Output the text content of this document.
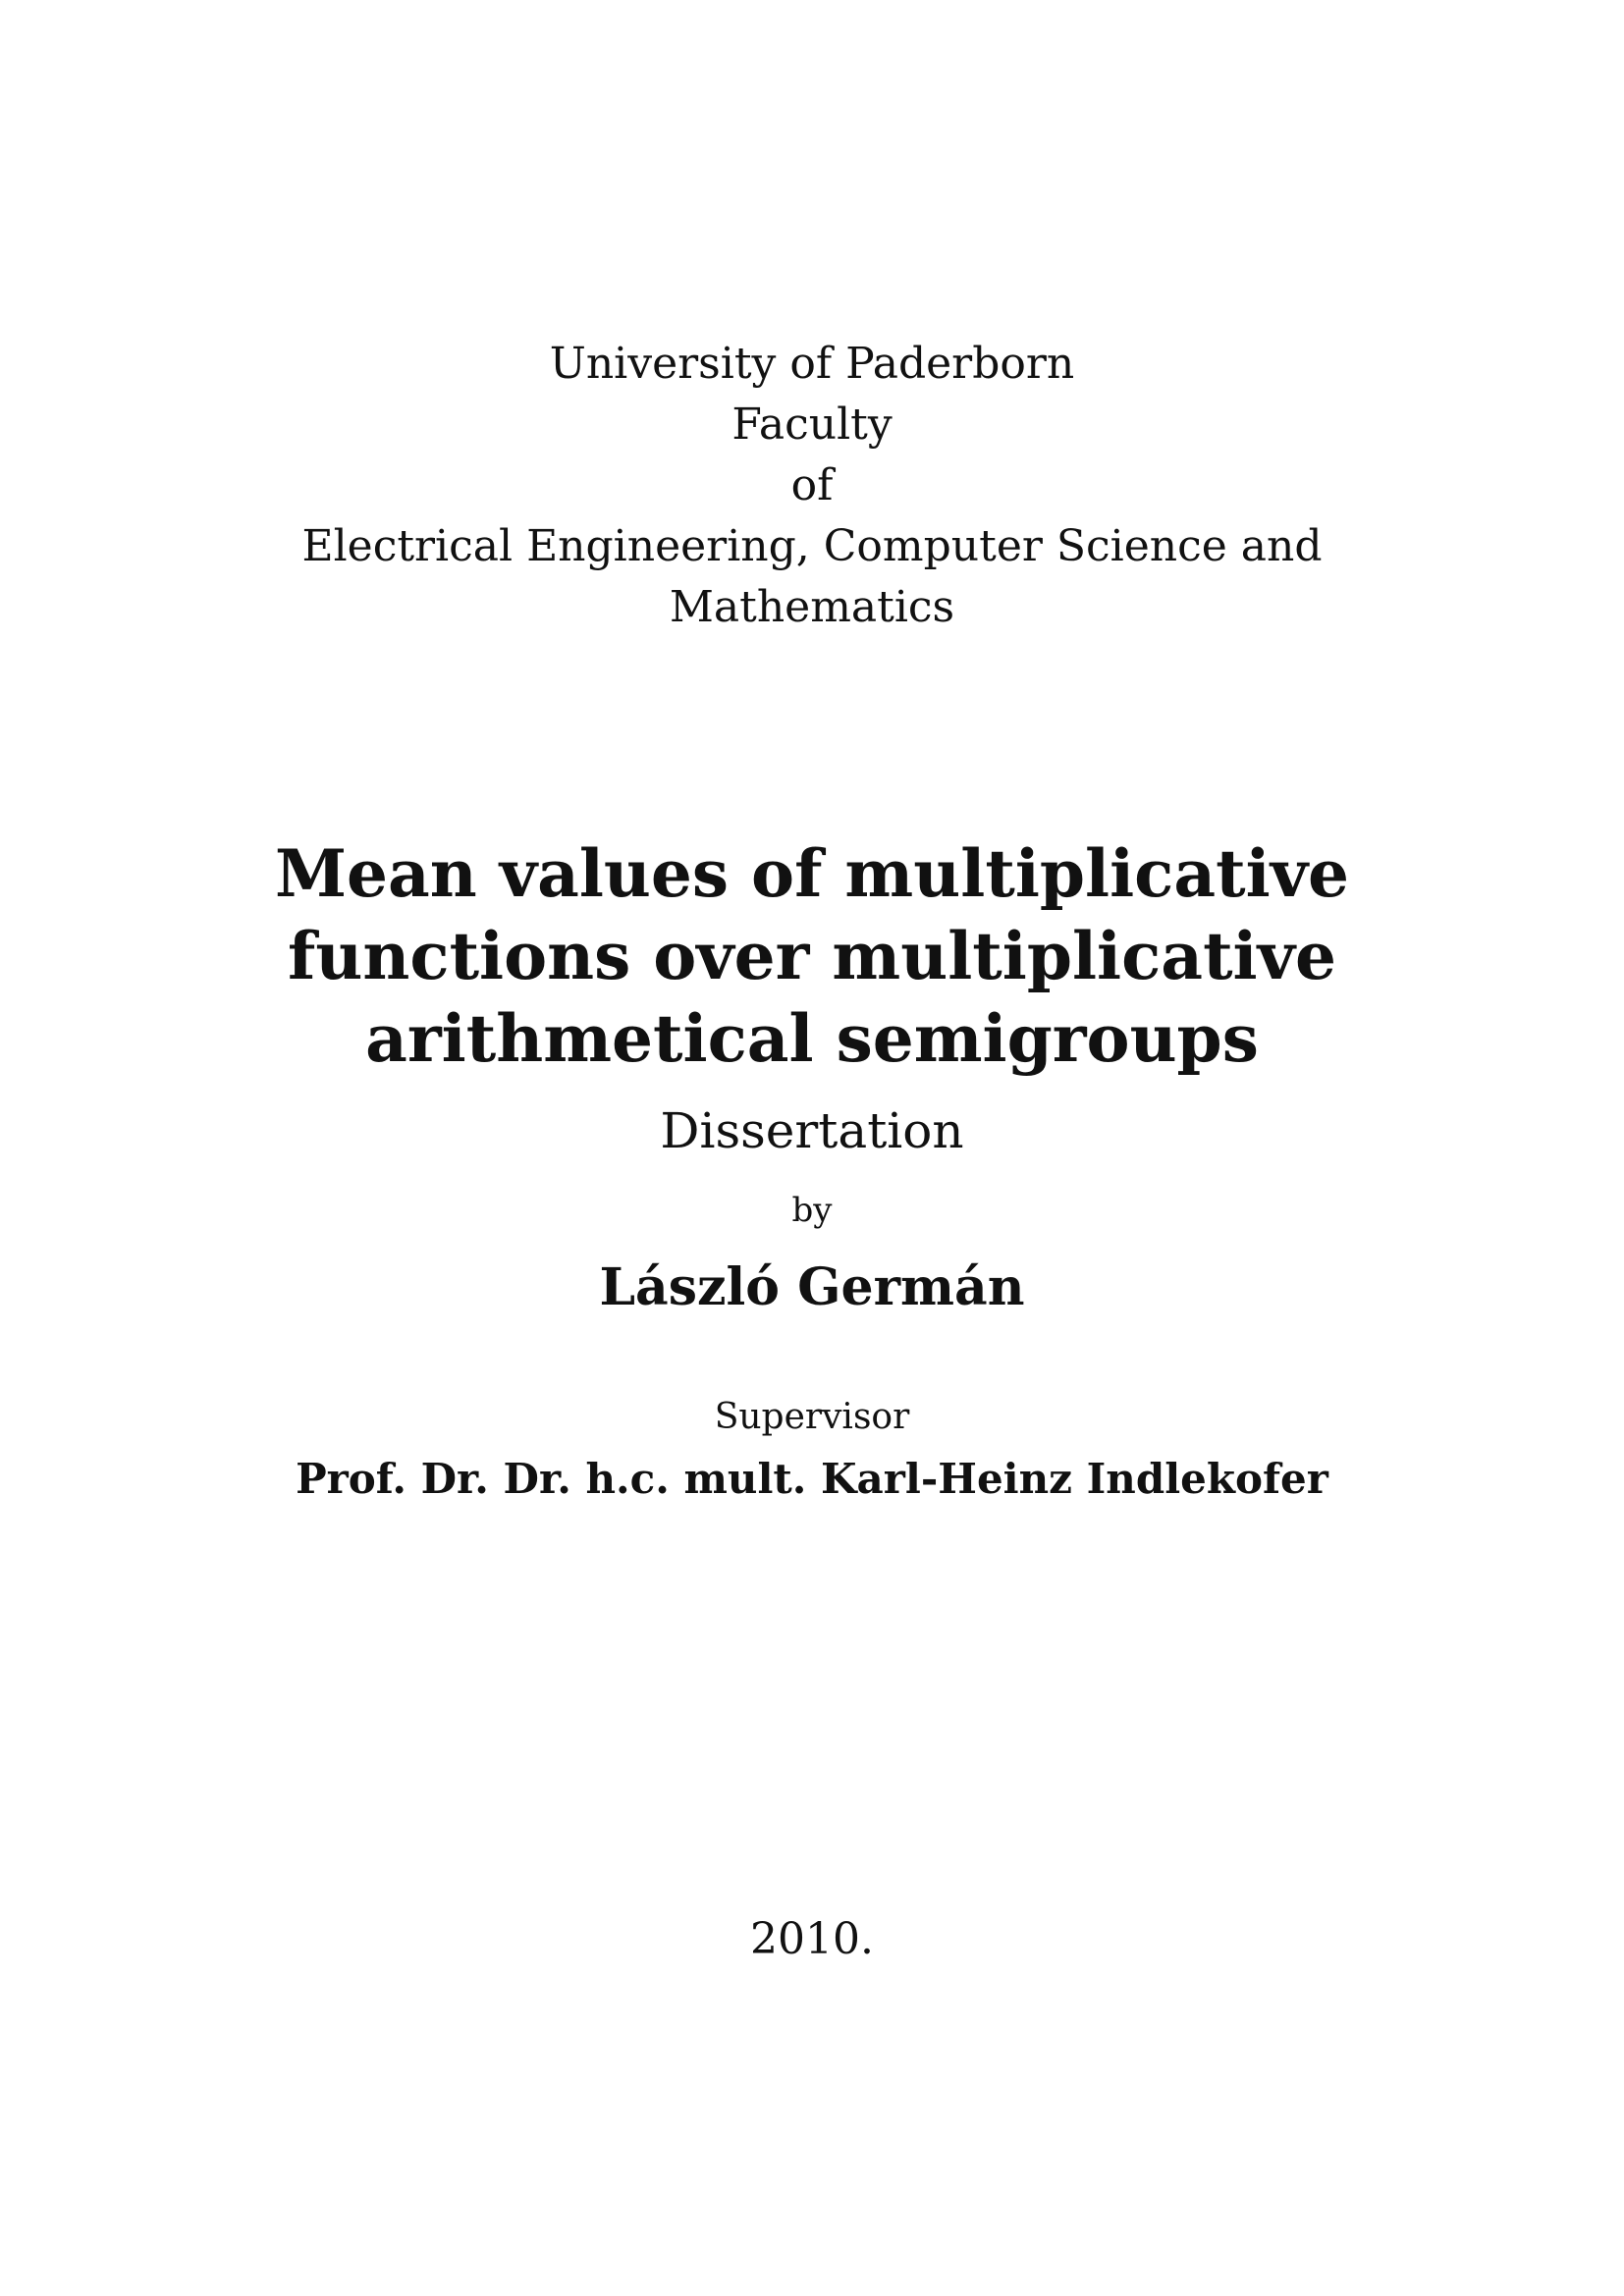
University of Paderborn
Faculty
of
Electrical Engineering, Computer Science and
Mathematics
Mean values of multiplicative
functions over multiplicative
arithmetical semigroups
Dissertation
by
László Germán
Supervisor
Prof. Dr. Dr. h.c. mult. Karl-Heinz Indlekofer
2010.
